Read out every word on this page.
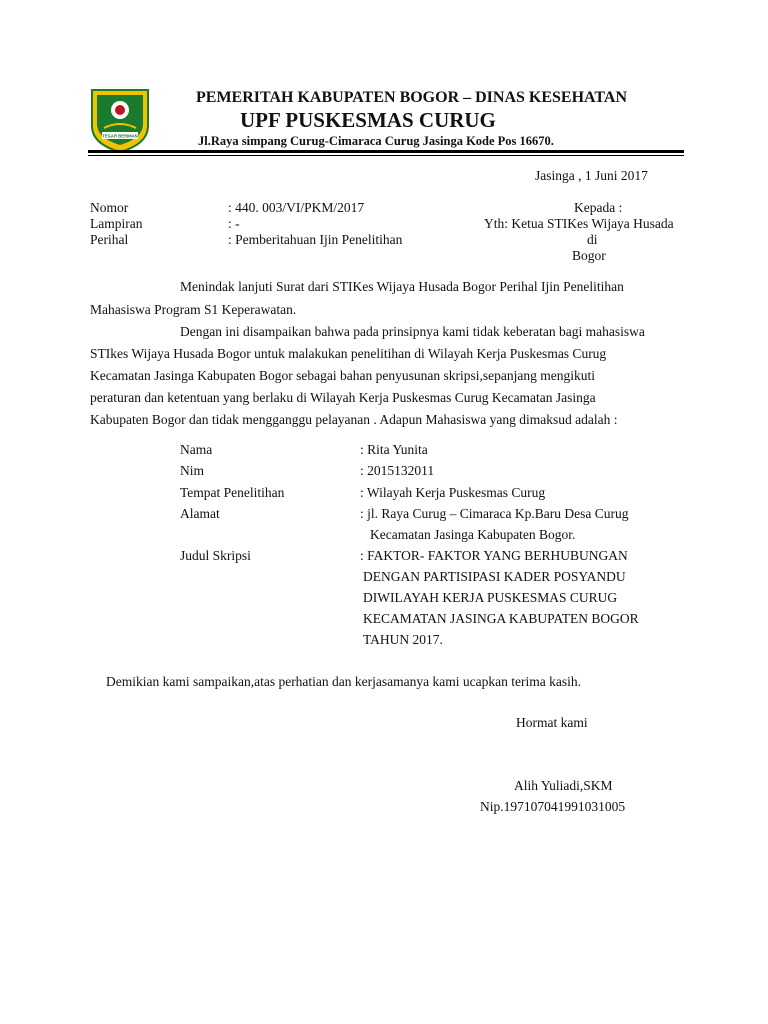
TEGAR BERIMAN
PEMERITAH KABUPATEN BOGOR – DINAS KESEHATAN
UPF PUSKESMAS CURUG
Jl.Raya simpang Curug-Cimaraca Curug Jasinga Kode Pos 16670.
Jasinga , 1 Juni 2017
Nomor	: 440. 003/VI/PKM/2017
Lampiran	: -
Perihal	: Pemberitahuan Ijin Penelitihan
Kepada :
Yth: Ketua STIKes Wijaya Husada
di
Bogor
Menindak lanjuti Surat dari STIKes Wijaya Husada Bogor Perihal Ijin Penelitihan
Mahasiswa Program S1 Keperawatan.
Dengan ini disampaikan bahwa pada prinsipnya kami tidak keberatan bagi mahasiswa
STIkes Wijaya Husada Bogor untuk malakukan penelitihan di Wilayah Kerja Puskesmas Curug
Kecamatan Jasinga Kabupaten Bogor sebagai bahan penyusunan skripsi,sepanjang mengikuti
peraturan dan ketentuan yang berlaku di Wilayah Kerja Puskesmas Curug Kecamatan Jasinga
Kabupaten Bogor dan tidak mengganggu pelayanan . Adapun Mahasiswa yang dimaksud adalah :
Nama	: Rita Yunita
Nim	: 2015132011
Tempat Penelitihan	: Wilayah Kerja Puskesmas Curug
Alamat	: jl. Raya Curug – Cimaraca Kp.Baru Desa Curug
Kecamatan Jasinga Kabupaten Bogor.
Judul Skripsi	: FAKTOR- FAKTOR YANG BERHUBUNGAN
DENGAN PARTISIPASI KADER POSYANDU
DIWILAYAH KERJA PUSKESMAS CURUG
KECAMATAN JASINGA KABUPATEN BOGOR
TAHUN 2017.
Demikian kami sampaikan,atas perhatian dan kerjasamanya kami ucapkan terima kasih.
Hormat kami
Alih Yuliadi,SKM
Nip.197107041991031005
